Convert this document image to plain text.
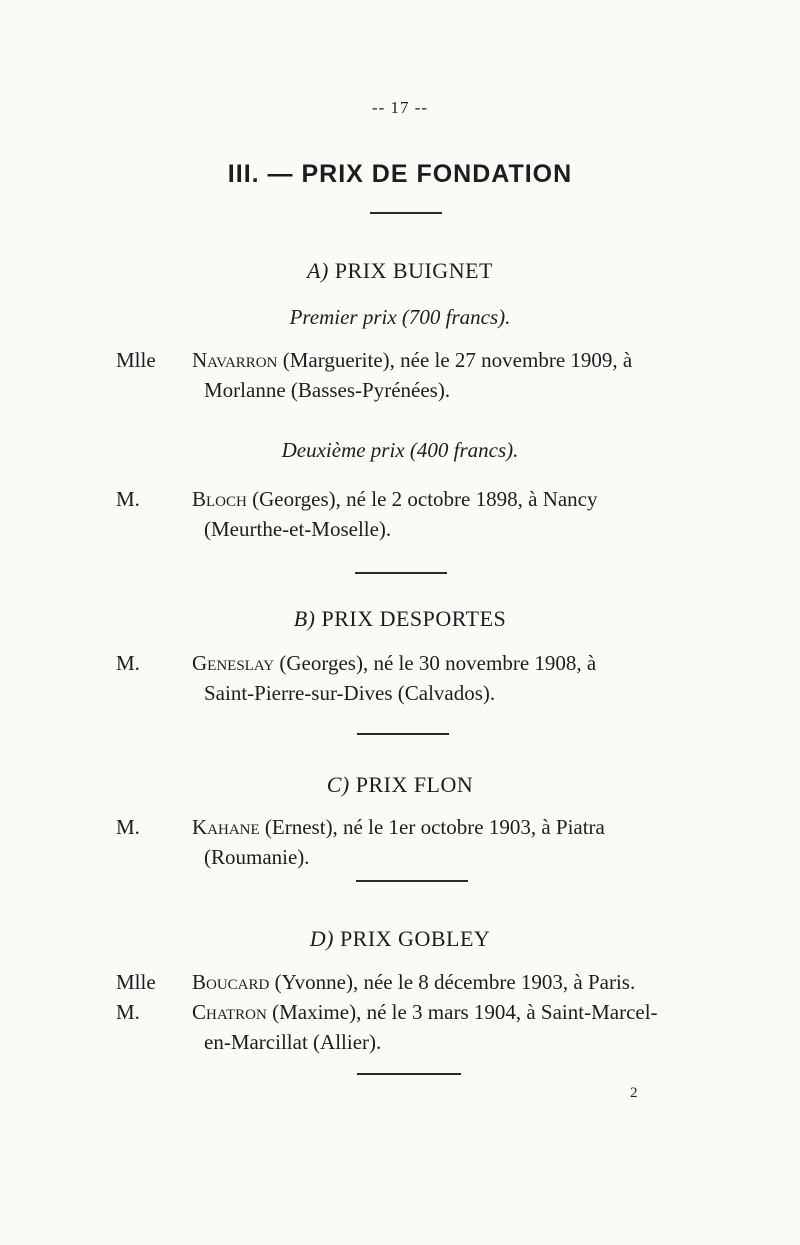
-- 17 --
III. — PRIX DE FONDATION
A) PRIX BUIGNET
Premier prix (700 francs).
Mlle	Navarron (Marguerite), née le 27 novembre 1909, à
Morlanne (Basses-Pyrénées).
Deuxième prix (400 francs).
M.	Bloch (Georges), né le 2 octobre 1898, à Nancy
(Meurthe-et-Moselle).
B) PRIX DESPORTES
M.	Geneslay (Georges), né le 30 novembre 1908, à
Saint-Pierre-sur-Dives (Calvados).
C) PRIX FLON
M.	Kahane (Ernest), né le 1er octobre 1903, à Piatra
(Roumanie).
D) PRIX GOBLEY
Mlle	Boucard (Yvonne), née le 8 décembre 1903, à Paris.
M.	Chatron (Maxime), né le 3 mars 1904, à Saint-Marcel-
en-Marcillat (Allier).
2
